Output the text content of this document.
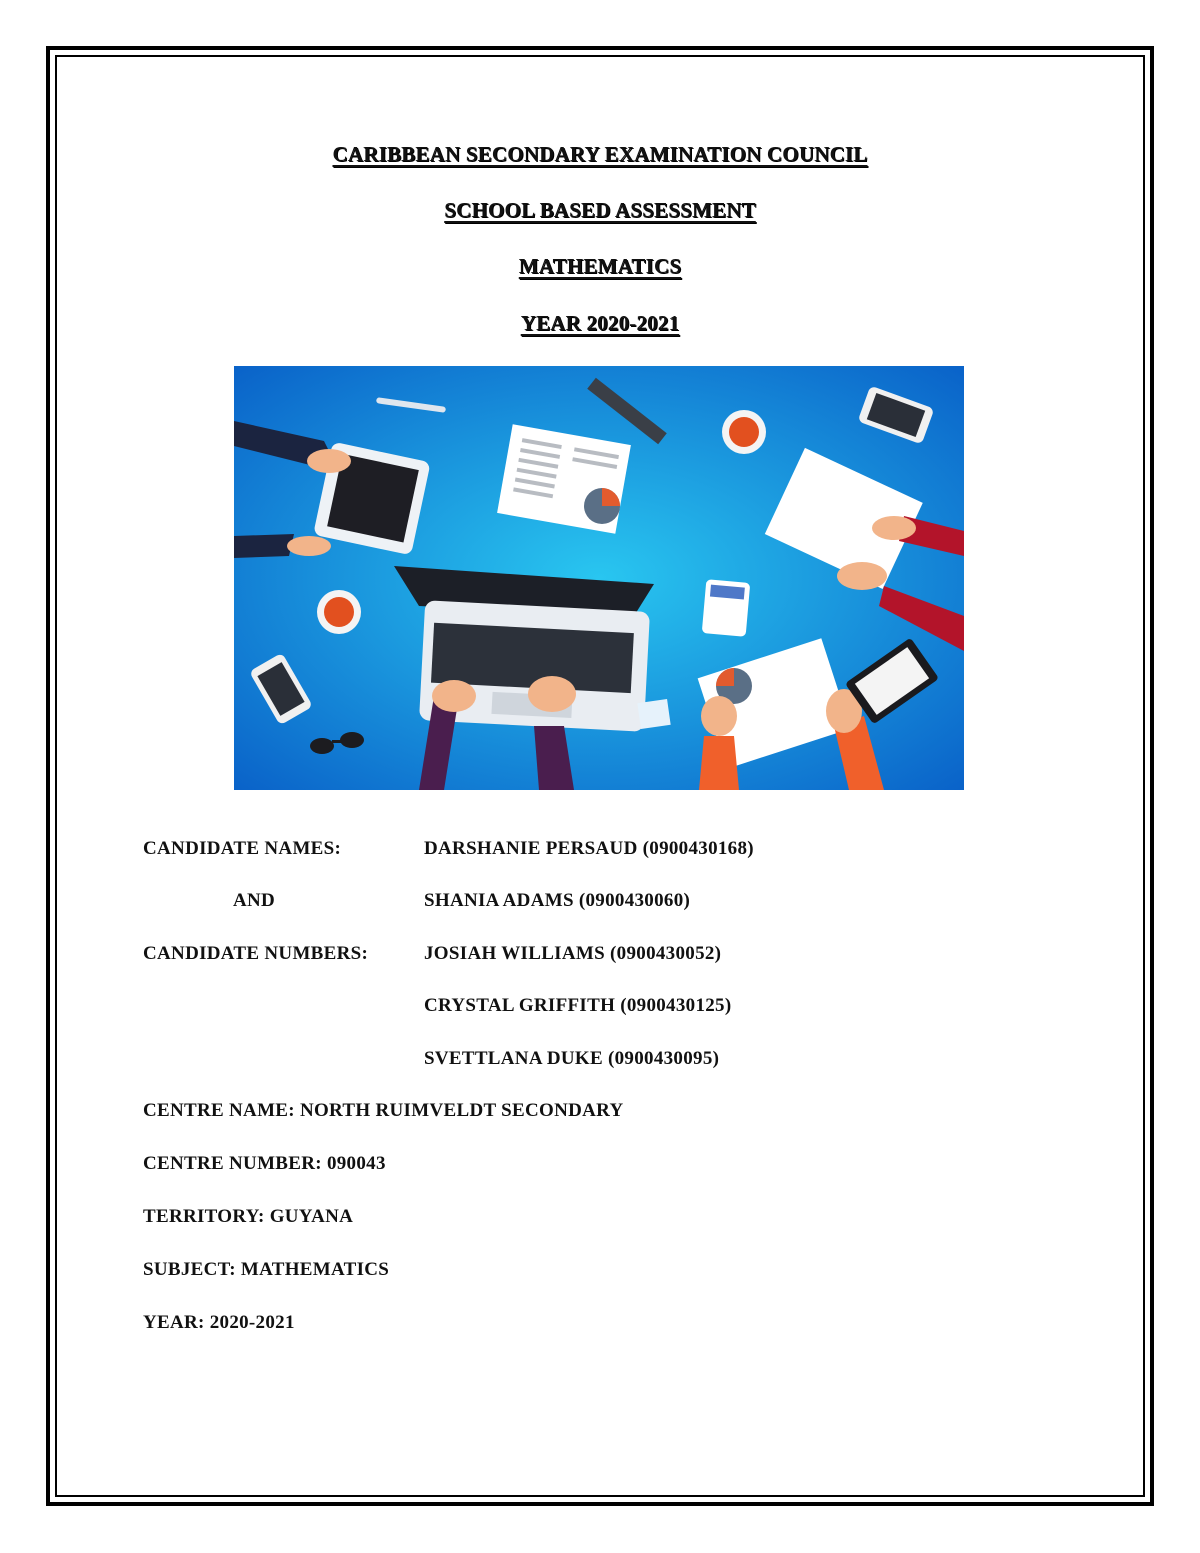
CARIBBEAN SECONDARY EXAMINATION COUNCIL
SCHOOL BASED ASSESSMENT
MATHEMATICS
YEAR 2020-2021
CANDIDATE NAMES:
AND
CANDIDATE NUMBERS:
DARSHANIE PERSAUD (0900430168)
SHANIA ADAMS (0900430060)
JOSIAH WILLIAMS (0900430052)
CRYSTAL GRIFFITH (0900430125)
SVETTLANA DUKE (0900430095)
CENTRE NAME: NORTH RUIMVELDT SECONDARY
CENTRE NUMBER: 090043
TERRITORY: GUYANA
SUBJECT: MATHEMATICS
YEAR: 2020-2021
